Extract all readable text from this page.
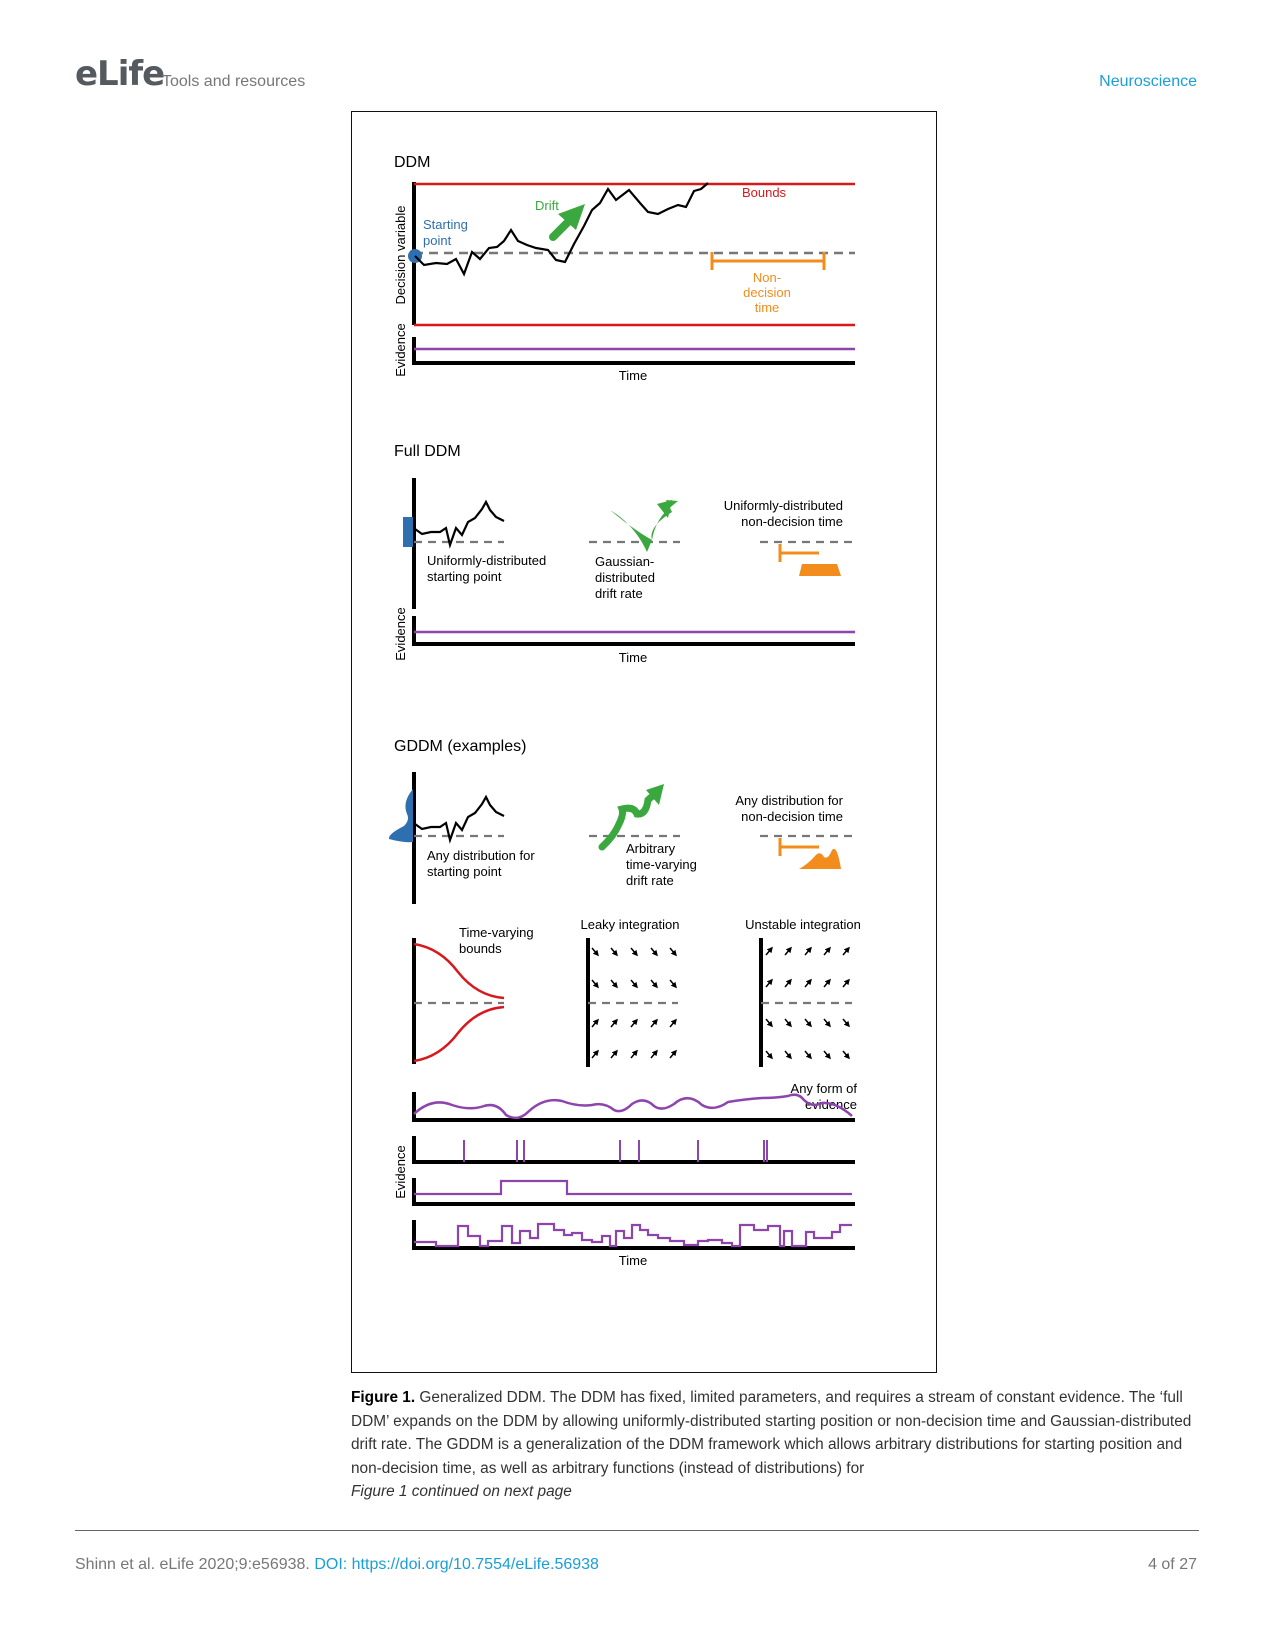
eLife
Tools and resources	Neuroscience
DDM
Decision variable
Bounds
Starting
point
Drift
Non-
decision
time
Evidence	Time
Full DDM
Uniformly-distributed
starting point
Gaussian-
distributed
drift rate
Uniformly-distributed
non-decision time
Evidence	Time
GDDM (examples)
Any distribution for
starting point
Arbitrary
time-varying
drift rate
Any distribution for
non-decision time
Time-varying
bounds
Leaky integration	Unstable integration
Any form of
evidence
Evidence
Time
Figure 1. Generalized DDM. The DDM has fixed, limited parameters, and requires a stream of constant evidence. The ‘full DDM’ expands on the DDM by allowing uniformly-distributed starting position or non-decision time and Gaussian-distributed drift rate. The GDDM is a generalization of the DDM framework which allows arbitrary distributions for starting position and non-decision time, as well as arbitrary functions (instead of distributions) for
Figure 1 continued on next page
Shinn et al. eLife 2020;9:e56938. DOI: https://doi.org/10.7554/eLife.56938	4 of 27
